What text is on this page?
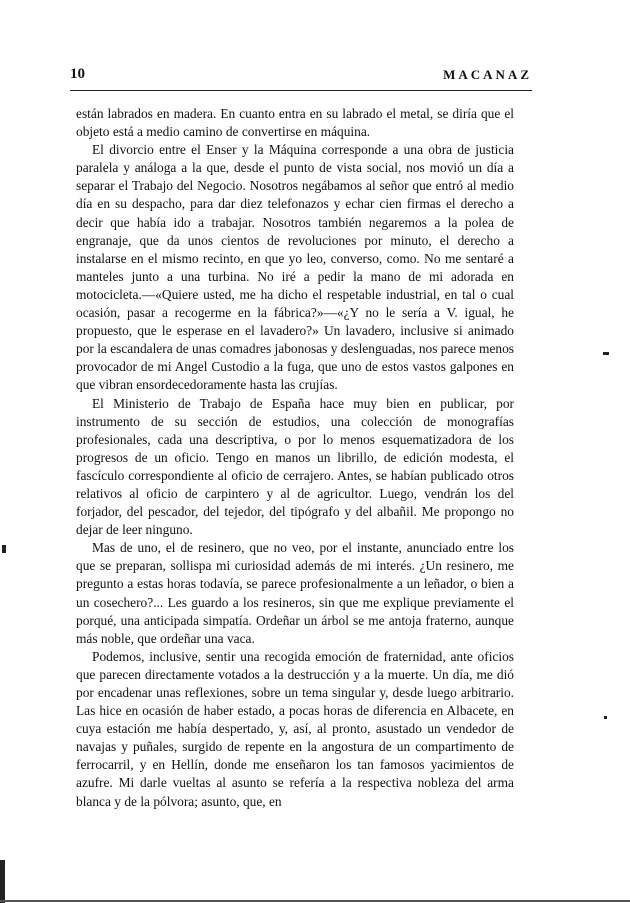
10	MACANAZ

están labrados en madera. En cuanto entra en su labrado el metal, se diría que el objeto está a medio camino de convertirse en máquina.

El divorcio entre el Enser y la Máquina corresponde a una obra de justicia paralela y análoga a la que, desde el punto de vista social, nos movió un día a separar el Trabajo del Negocio. Nosotros negábamos al señor que entró al medio día en su despacho, para dar diez telefonazos y echar cien firmas el derecho a decir que había ido a trabajar. Nosotros también negaremos a la polea de engranaje, que da unos cientos de revoluciones por minuto, el derecho a instalarse en el mismo recinto, en que yo leo, converso, como. No me sentaré a manteles junto a una turbina. No iré a pedir la mano de mi adorada en motocicleta.—«Quiere usted, me ha dicho el respetable industrial, en tal o cual ocasión, pasar a recogerme en la fábrica?»—«¿Y no le sería a V. igual, he propuesto, que le esperase en el lavadero?» Un lavadero, inclusive si animado por la escandalera de unas comadres jabonosas y deslenguadas, nos parece menos provocador de mi Angel Custodio a la fuga, que uno de estos vastos galpones en que vibran ensordecedoramente hasta las crujías.

El Ministerio de Trabajo de España hace muy bien en publicar, por instrumento de su sección de estudios, una colección de monografías profesionales, cada una descriptiva, o por lo menos esquematizadora de los progresos de un oficio. Tengo en manos un librillo, de edición modesta, el fascículo correspondiente al oficio de cerrajero. Antes, se habían publicado otros relativos al oficio de carpintero y al de agricultor. Luego, vendrán los del forjador, del pescador, del tejedor, del tipógrafo y del albañil. Me propongo no dejar de leer ninguno.

Mas de uno, el de resinero, que no veo, por el instante, anunciado entre los que se preparan, sollispa mi curiosidad además de mi interés. ¿Un resinero, me pregunto a estas horas todavía, se parece profesionalmente a un leñador, o bien a un cosechero?... Les guardo a los resineros, sin que me explique previamente el porqué, una anticipada simpatía. Ordeñar un árbol se me antoja fraterno, aunque más noble, que ordeñar una vaca.

Podemos, inclusive, sentir una recogida emoción de fraternidad, ante oficios que parecen directamente votados a la destrucción y a la muerte. Un día, me dió por encadenar unas reflexiones, sobre un tema singular y, desde luego arbitrario. Las hice en ocasión de haber estado, a pocas horas de diferencia en Albacete, en cuya estación me había despertado, y, así, al pronto, asustado un vendedor de navajas y puñales, surgido de repente en la angostura de un compartimento de ferrocarril, y en Hellín, donde me enseñaron los tan famosos yacimientos de azufre. Mi darle vueltas al asunto se refería a la respectiva nobleza del arma blanca y de la pólvora; asunto, que, en
